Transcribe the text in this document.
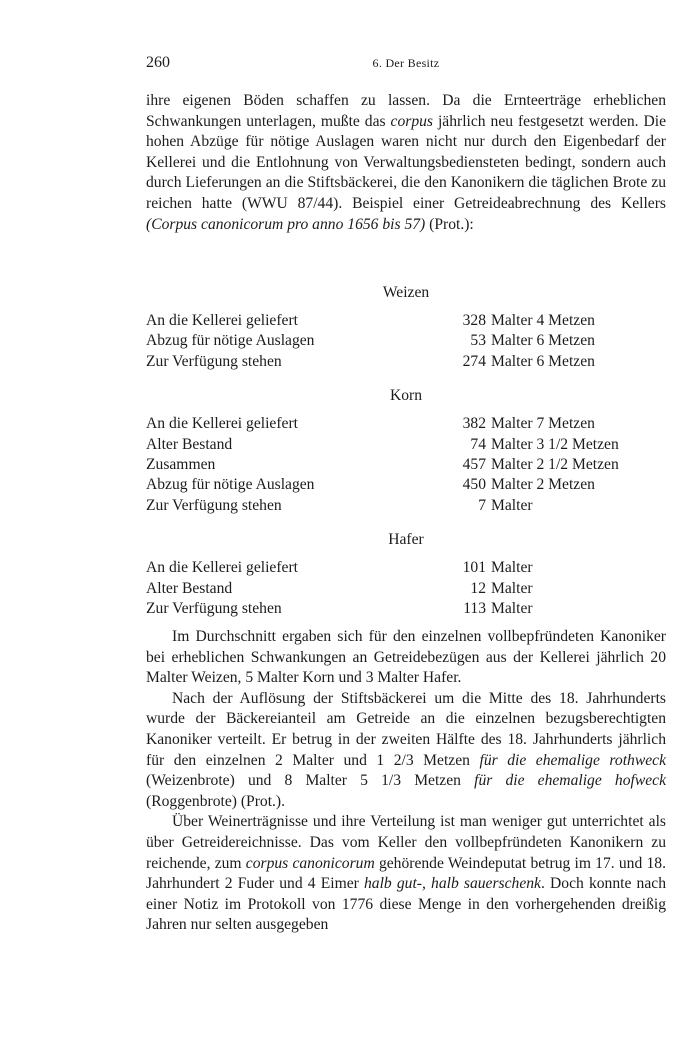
260	6. Der Besitz

ihre eigenen Böden schaffen zu lassen. Da die Ernteerträge erheblichen Schwankungen unterlagen, mußte das corpus jährlich neu festgesetzt werden. Die hohen Abzüge für nötige Auslagen waren nicht nur durch den Eigenbedarf der Kellerei und die Entlohnung von Verwaltungsbediensteten bedingt, sondern auch durch Lieferungen an die Stiftsbäckerei, die den Kanonikern die täglichen Brote zu reichen hatte (WWU 87/44). Beispiel einer Getreideabrechnung des Kellers (Corpus canonicorum pro anno 1656 bis 57) (Prot.):

Weizen
An die Kellerei geliefert	328	Malter 4 Metzen
Abzug für nötige Auslagen	53	Malter 6 Metzen
Zur Verfügung stehen	274	Malter 6 Metzen
Korn
An die Kellerei geliefert	382	Malter 7 Metzen
Alter Bestand	74	Malter 3 1/2 Metzen
Zusammen	457	Malter 2 1/2 Metzen
Abzug für nötige Auslagen	450	Malter 2 Metzen
Zur Verfügung stehen	7	Malter
Hafer
An die Kellerei geliefert	101	Malter
Alter Bestand	12	Malter
Zur Verfügung stehen	113	Malter

Im Durchschnitt ergaben sich für den einzelnen vollbepfründeten Kanoniker bei erheblichen Schwankungen an Getreidebezügen aus der Kellerei jährlich 20 Malter Weizen, 5 Malter Korn und 3 Malter Hafer.

Nach der Auflösung der Stiftsbäckerei um die Mitte des 18. Jahrhunderts wurde der Bäckereianteil am Getreide an die einzelnen bezugsberechtigten Kanoniker verteilt. Er betrug in der zweiten Hälfte des 18. Jahrhunderts jährlich für den einzelnen 2 Malter und 1 2/3 Metzen für die ehemalige rothweck (Weizenbrote) und 8 Malter 5 1/3 Metzen für die ehemalige hofweck (Roggenbrote) (Prot.).

Über Weinerträgnisse und ihre Verteilung ist man weniger gut unterrichtet als über Getreidereichnisse. Das vom Keller den vollbepfründeten Kanonikern zu reichende, zum corpus canonicorum gehörende Weindeputat betrug im 17. und 18. Jahrhundert 2 Fuder und 4 Eimer halb gut-, halb sauerschenk. Doch konnte nach einer Notiz im Protokoll von 1776 diese Menge in den vorhergehenden dreißig Jahren nur selten ausgegeben
